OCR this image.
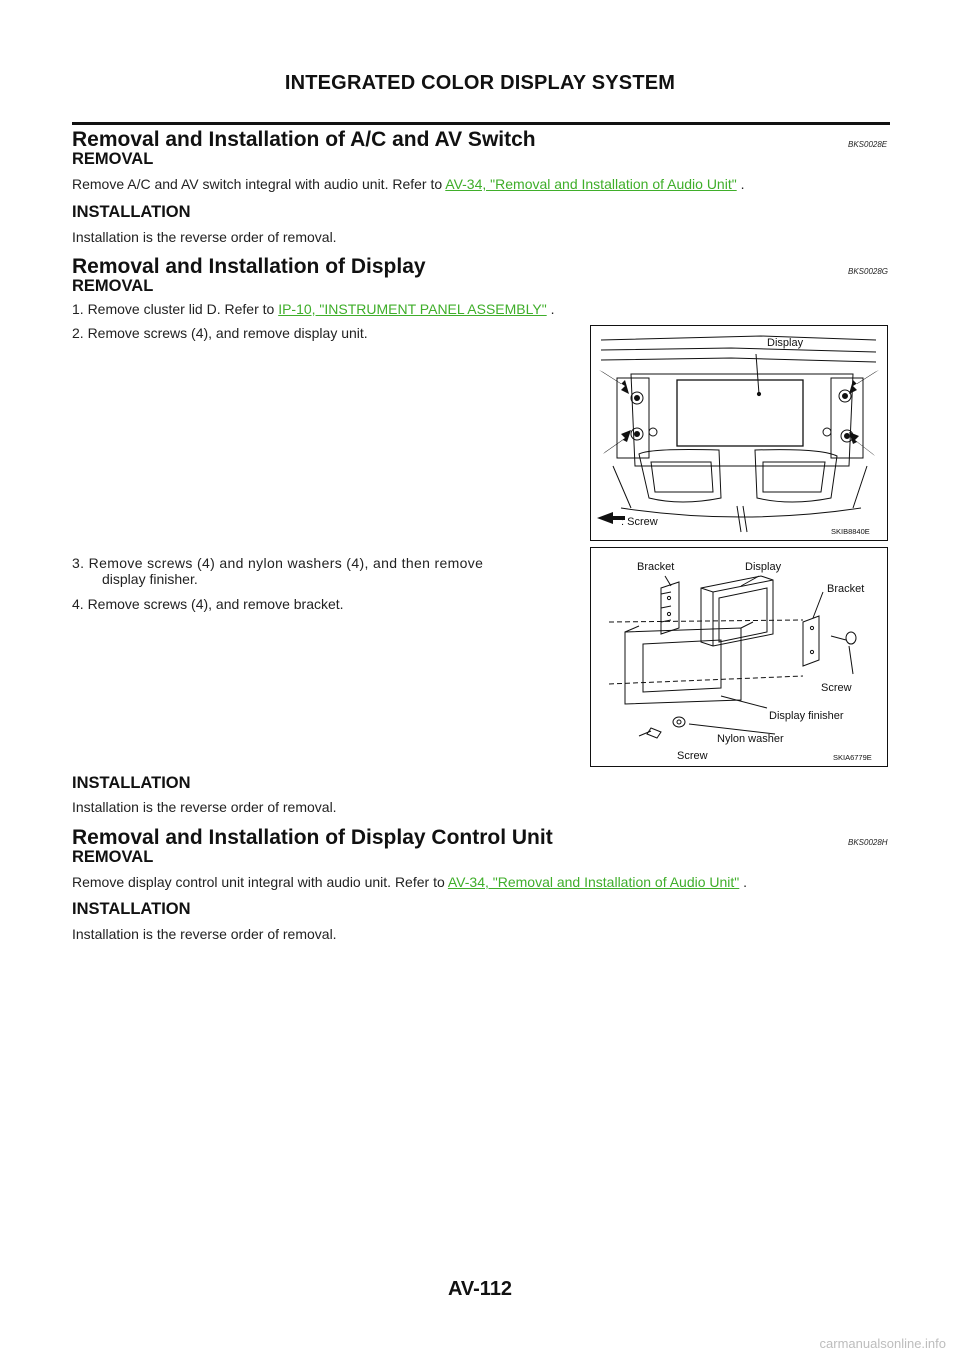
INTEGRATED COLOR DISPLAY SYSTEM
Removal and Installation of A/C and AV Switch	BKS0028E
REMOVAL
Remove A/C and AV switch integral with audio unit. Refer to AV-34, "Removal and Installation of Audio Unit" .
INSTALLATION
Installation is the reverse order of removal.
Removal and Installation of Display	BKS0028G
REMOVAL
1. Remove cluster lid D. Refer to IP-10, "INSTRUMENT PANEL ASSEMBLY" .
2. Remove screws (4), and remove display unit.
Display
: Screw
SKIB8840E
3. Remove screws (4) and nylon washers (4), and then remove
display finisher.
4. Remove screws (4), and remove bracket.
Bracket	Display
Bracket
Screw
Display finisher
Nylon washer
Screw	SKIA6779E
INSTALLATION
Installation is the reverse order of removal.
Removal and Installation of Display Control Unit	BKS0028H
REMOVAL
Remove display control unit integral with audio unit. Refer to AV-34, "Removal and Installation of Audio Unit" .
INSTALLATION
Installation is the reverse order of removal.
AV-112
carmanualsonline.info
